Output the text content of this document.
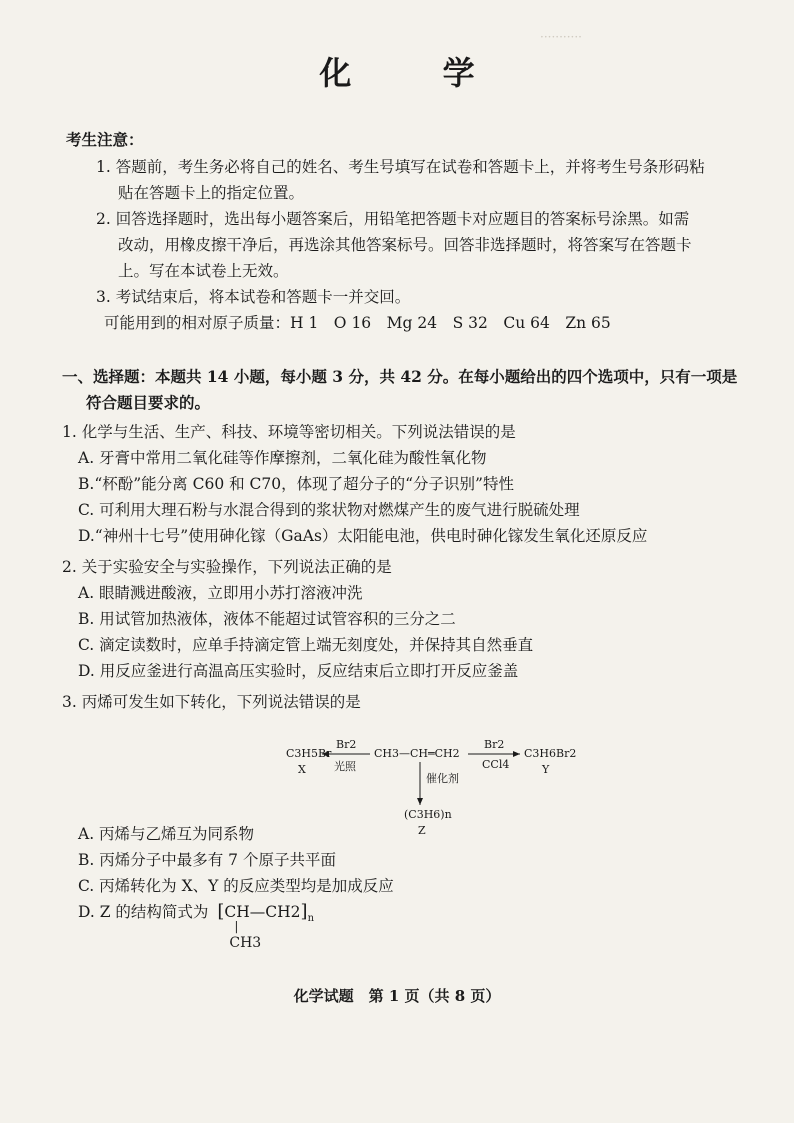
···········
化 学
考生注意：
1. 答题前，考生务必将自己的姓名、考生号填写在试卷和答题卡上，并将考生号条形码粘
贴在答题卡上的指定位置。
2. 回答选择题时，选出每小题答案后，用铅笔把答题卡对应题目的答案标号涂黑。如需
改动，用橡皮擦干净后，再选涂其他答案标号。回答非选择题时，将答案写在答题卡
上。写在本试卷上无效。
3. 考试结束后，将本试卷和答题卡一并交回。
可能用到的相对原子质量：H 1　O 16　Mg 24　S 32　Cu 64　Zn 65
一、选择题：本题共 14 小题，每小题 3 分，共 42 分。在每小题给出的四个选项中，只有一项是
符合题目要求的。
1. 化学与生活、生产、科技、环境等密切相关。下列说法错误的是
A. 牙膏中常用二氧化硅等作摩擦剂，二氧化硅为酸性氧化物
B.“杯酚”能分离 C60 和 C70，体现了超分子的“分子识别”特性
C. 可利用大理石粉与水混合得到的浆状物对燃煤产生的废气进行脱硫处理
D.“神州十七号”使用砷化镓（GaAs）太阳能电池，供电时砷化镓发生氧化还原反应
2. 关于实验安全与实验操作，下列说法正确的是
A. 眼睛溅进酸液，立即用小苏打溶液冲洗
B. 用试管加热液体，液体不能超过试管容积的三分之二
C. 滴定读数时，应单手持滴定管上端无刻度处，并保持其自然垂直
D. 用反应釜进行高温高压实验时，反应结束后立即打开反应釜盖
3. 丙烯可发生如下转化，下列说法错误的是
C3H5Br
X
Br2
光照
CH3—CH═CH2
Br2
CCl4
C3H6Br2
Y
催化剂
(C3H6)n
Z
A. 丙烯与乙烯互为同系物
B. 丙烯分子中最多有 7 个原子共平面
C. 丙烯转化为 X、Y 的反应类型均是加成反应
D. Z 的结构简式为 $[CH—CH2]_n$
|
CH3
化学试题　第 1 页（共 8 页）
